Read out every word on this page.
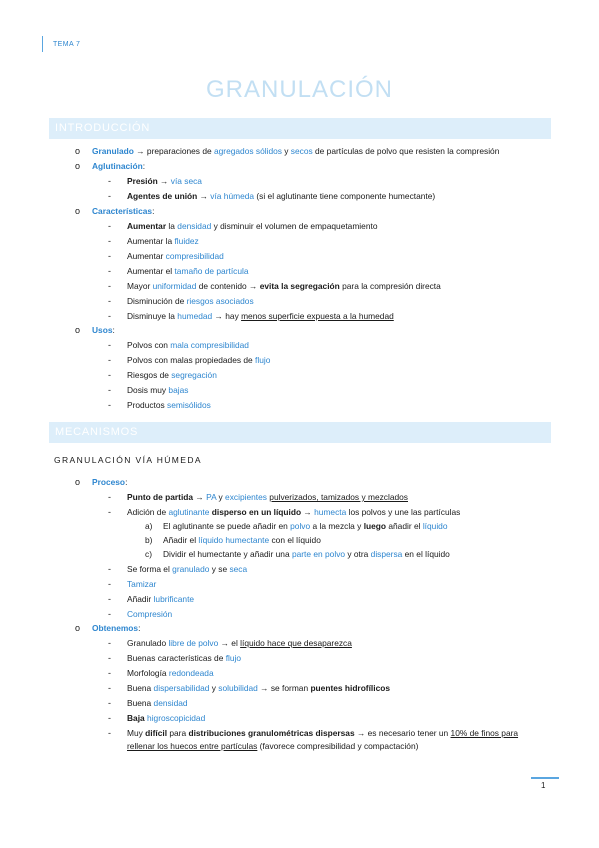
TEMA 7
GRANULACIÓN
INTRODUCCIÓN
o Granulado → preparaciones de agregados sólidos y secos de partículas de polvo que resisten la compresión
o Aglutinación:
- Presión → vía seca
- Agentes de unión → vía húmeda (si el aglutinante tiene componente humectante)
o Características:
- Aumentar la densidad y disminuir el volumen de empaquetamiento
- Aumentar la fluidez
- Aumentar compresibilidad
- Aumentar el tamaño de partícula
- Mayor uniformidad de contenido → evita la segregación para la compresión directa
- Disminución de riesgos asociados
- Disminuye la humedad → hay menos superficie expuesta a la humedad
o Usos:
- Polvos con mala compresibilidad
- Polvos con malas propiedades de flujo
- Riesgos de segregación
- Dosis muy bajas
- Productos semisólidos
MECANISMOS
GRANULACIÓN VÍA HÚMEDA
o Proceso:
- Punto de partida → PA y excipientes pulverizados, tamizados y mezclados
- Adición de aglutinante disperso en un líquido → humecta los polvos y une las partículas
a) El aglutinante se puede añadir en polvo a la mezcla y luego añadir el líquido
b) Añadir el líquido humectante con el líquido
c) Dividir el humectante y añadir una parte en polvo y otra dispersa en el líquido
- Se forma el granulado y se seca
- Tamizar
- Añadir lubrificante
- Compresión
o Obtenemos:
- Granulado libre de polvo → el líquido hace que desaparezca
- Buenas características de flujo
- Morfología redondeada
- Buena dispersabilidad y solubilidad → se forman puentes hidrofílicos
- Buena densidad
- Baja higroscopicidad
- Muy difícil para distribuciones granulométricas dispersas → es necesario tener un 10% de finos para
rellenar los huecos entre partículas (favorece compresibilidad y compactación)
1
